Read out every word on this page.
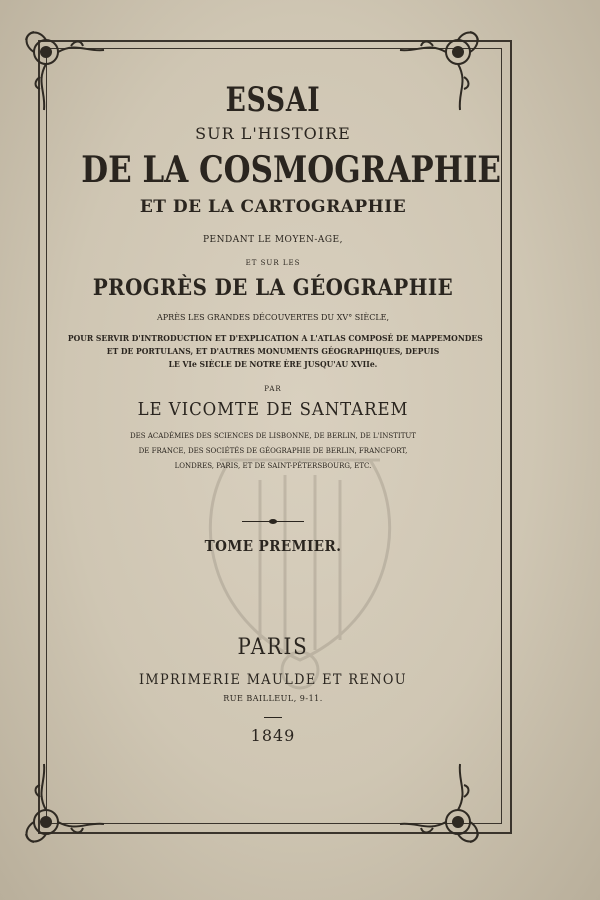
ESSAI
SUR L'HISTOIRE
DE LA COSMOGRAPHIE
ET DE LA CARTOGRAPHIE
PENDANT LE MOYEN-AGE,
ET SUR LES
PROGRÈS DE LA GÉOGRAPHIE
APRÈS LES GRANDES DÉCOUVERTES DU XV° SIÈCLE,
POUR SERVIR D'INTRODUCTION ET D'EXPLICATION A L'ATLAS COMPOSÉ DE MAPPEMONDES
ET DE PORTULANS, ET D'AUTRES MONUMENTS GÉOGRAPHIQUES, DEPUIS
LE VIe SIÈCLE DE NOTRE ÈRE JUSQU'AU XVIIe.
PAR
LE VICOMTE DE SANTAREM
DES ACADÉMIES DES SCIENCES DE LISBONNE, DE BERLIN, DE L'INSTITUT
DE FRANCE, DES SOCIÉTÉS DE GÉOGRAPHIE DE BERLIN, FRANCFORT,
LONDRES, PARIS, ET DE SAINT-PÉTERSBOURG, ETC.
TOME PREMIER.
PARIS
IMPRIMERIE MAULDE ET RENOU
RUE BAILLEUL, 9-11.
1849
